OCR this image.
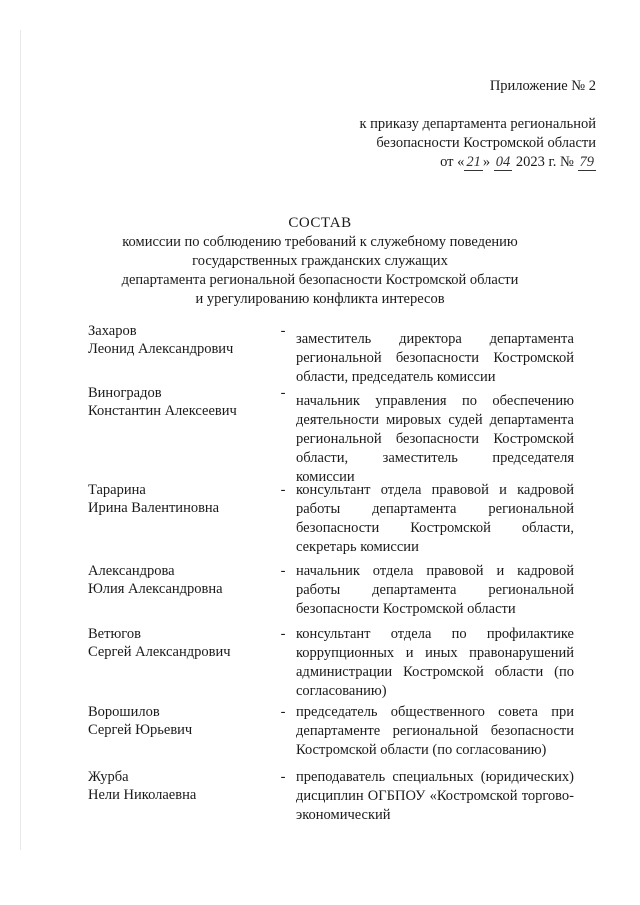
Приложение № 2
к приказу департамента региональной
безопасности Костромской области
от « 21 » 04 2023 г. № 79
СОСТАВ
комиссии по соблюдению требований к служебному поведению
государственных гражданских служащих
департамента региональной безопасности Костромской области
и урегулированию конфликта интересов
Захаров
Леонид Александрович
- заместитель директора департамента региональной безопасности Костромской области, председатель комиссии
Виноградов
Константин Алексеевич
- начальник управления по обеспечению деятельности мировых судей департамента региональной безопасности Костромской области, заместитель председателя комиссии
Тарарина
Ирина Валентиновна
- консультант отдела правовой и кадровой работы департамента региональной безопасности Костромской области, секретарь комиссии
Александрова
Юлия Александровна
- начальник отдела правовой и кадровой работы департамента региональной безопасности Костромской области
Ветюгов
Сергей Александрович
- консультант отдела по профилактике коррупционных и иных правонарушений администрации Костромской области (по согласованию)
Ворошилов
Сергей Юрьевич
- председатель общественного совета при департаменте региональной безопасности Костромской области (по согласованию)
Журба
Нели Николаевна
- преподаватель специальных (юридических) дисциплин ОГБПОУ «Костромской торгово-экономический
